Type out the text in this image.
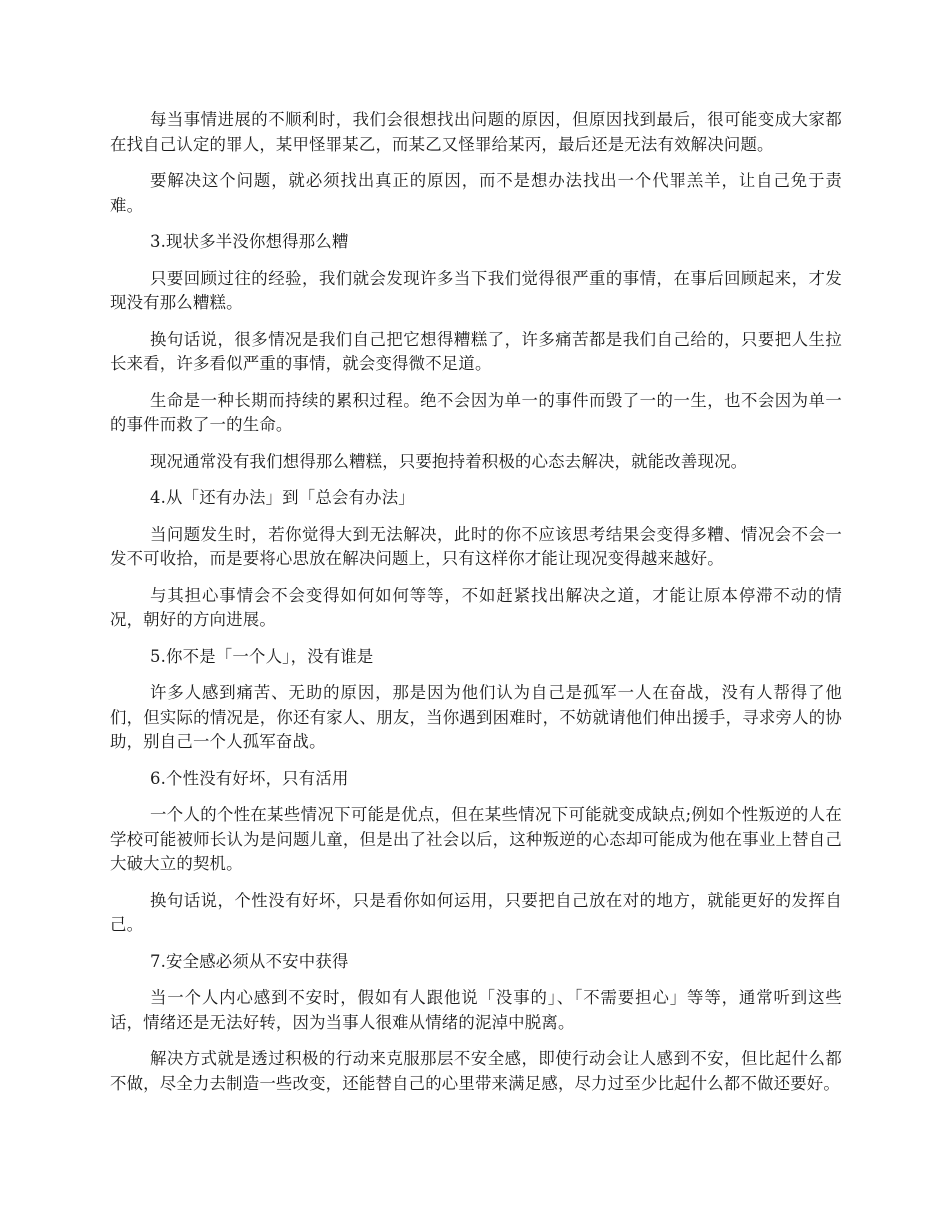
每当事情进展的不顺利时，我们会很想找出问题的原因，但原因找到最后，很可能变成大家都在找自己认定的罪人，某甲怪罪某乙，而某乙又怪罪给某丙，最后还是无法有效解决问题。

要解决这个问题，就必须找出真正的原因，而不是想办法找出一个代罪羔羊，让自己免于责难。

3.现状多半没你想得那么糟

只要回顾过往的经验，我们就会发现许多当下我们觉得很严重的事情，在事后回顾起来，才发现没有那么糟糕。

换句话说，很多情况是我们自己把它想得糟糕了，许多痛苦都是我们自己给的，只要把人生拉长来看，许多看似严重的事情，就会变得微不足道。

生命是一种长期而持续的累积过程。绝不会因为单一的事件而毁了一的一生，也不会因为单一的事件而救了一的生命。

现况通常没有我们想得那么糟糕，只要抱持着积极的心态去解决，就能改善现况。

4.从「还有办法」到「总会有办法」

当问题发生时，若你觉得大到无法解决，此时的你不应该思考结果会变得多糟、情况会不会一发不可收拾，而是要将心思放在解决问题上，只有这样你才能让现况变得越来越好。

与其担心事情会不会变得如何如何等等，不如赶紧找出解决之道，才能让原本停滞不动的情况，朝好的方向进展。

5.你不是「一个人」，没有谁是

许多人感到痛苦、无助的原因，那是因为他们认为自己是孤军一人在奋战，没有人帮得了他们，但实际的情况是，你还有家人、朋友，当你遇到困难时，不妨就请他们伸出援手，寻求旁人的协助，别自己一个人孤军奋战。

6.个性没有好坏，只有活用

一个人的个性在某些情况下可能是优点，但在某些情况下可能就变成缺点;例如个性叛逆的人在学校可能被师长认为是问题儿童，但是出了社会以后，这种叛逆的心态却可能成为他在事业上替自己大破大立的契机。

换句话说，个性没有好坏，只是看你如何运用，只要把自己放在对的地方，就能更好的发挥自己。

7.安全感必须从不安中获得

当一个人内心感到不安时，假如有人跟他说「没事的」、「不需要担心」等等，通常听到这些话，情绪还是无法好转，因为当事人很难从情绪的泥淖中脱离。

解决方式就是透过积极的行动来克服那层不安全感，即使行动会让人感到不安，但比起什么都不做，尽全力去制造一些改变，还能替自己的心里带来满足感，尽力过至少比起什么都不做还要好。
